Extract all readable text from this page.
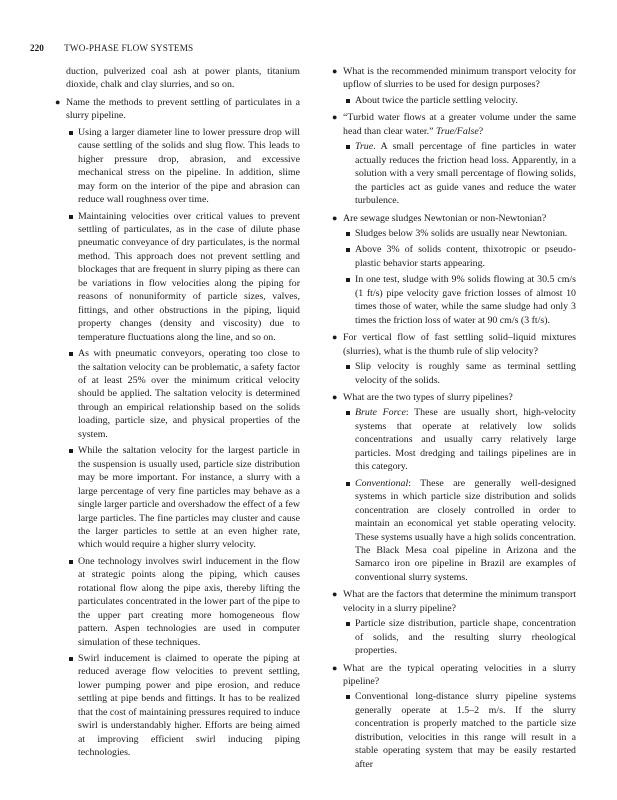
220 TWO-PHASE FLOW SYSTEMS
duction, pulverized coal ash at power plants, titanium dioxide, chalk and clay slurries, and so on.
● Name the methods to prevent settling of particulates in a slurry pipeline.
Using a larger diameter line to lower pressure drop will cause settling of the solids and slug flow. This leads to higher pressure drop, abrasion, and excessive mechanical stress on the pipeline. In addition, slime may form on the interior of the pipe and abrasion can reduce wall roughness over time.
Maintaining velocities over critical values to prevent settling of particulates, as in the case of dilute phase pneumatic conveyance of dry particulates, is the normal method. This approach does not prevent settling and blockages that are frequent in slurry piping as there can be variations in flow velocities along the piping for reasons of nonuniformity of particle sizes, valves, fittings, and other obstructions in the piping, liquid property changes (density and viscosity) due to temperature fluctuations along the line, and so on.
As with pneumatic conveyors, operating too close to the saltation velocity can be problematic, a safety factor of at least 25% over the minimum critical velocity should be applied. The saltation velocity is determined through an empirical relationship based on the solids loading, particle size, and physical properties of the system.
While the saltation velocity for the largest particle in the suspension is usually used, particle size distribution may be more important. For instance, a slurry with a large percentage of very fine particles may behave as a single larger particle and overshadow the effect of a few large particles. The fine particles may cluster and cause the larger particles to settle at an even higher rate, which would require a higher slurry velocity.
One technology involves swirl inducement in the flow at strategic points along the piping, which causes rotational flow along the pipe axis, thereby lifting the particulates concentrated in the lower part of the pipe to the upper part creating more homogeneous flow pattern. Aspen technologies are used in computer simulation of these techniques.
Swirl inducement is claimed to operate the piping at reduced average flow velocities to prevent settling, lower pumping power and pipe erosion, and reduce settling at pipe bends and fittings. It has to be realized that the cost of maintaining pressures required to induce swirl is understandably higher. Efforts are being aimed at improving efficient swirl inducing piping technologies.
● What is the recommended minimum transport velocity for upflow of slurries to be used for design purposes?
About twice the particle settling velocity.
● “Turbid water flows at a greater volume under the same head than clear water.” True/False?
True. A small percentage of fine particles in water actually reduces the friction head loss. Apparently, in a solution with a very small percentage of flowing solids, the particles act as guide vanes and reduce the water turbulence.
● Are sewage sludges Newtonian or non-Newtonian?
Sludges below 3% solids are usually near Newtonian.
Above 3% of solids content, thixotropic or pseudo-plastic behavior starts appearing.
In one test, sludge with 9% solids flowing at 30.5 cm/s (1 ft/s) pipe velocity gave friction losses of almost 10 times those of water, while the same sludge had only 3 times the friction loss of water at 90 cm/s (3 ft/s).
● For vertical flow of fast settling solid–liquid mixtures (slurries), what is the thumb rule of slip velocity?
Slip velocity is roughly same as terminal settling velocity of the solids.
● What are the two types of slurry pipelines?
Brute Force: These are usually short, high-velocity systems that operate at relatively low solids concentrations and usually carry relatively large particles. Most dredging and tailings pipelines are in this category.
Conventional: These are generally well-designed systems in which particle size distribution and solids concentration are closely controlled in order to maintain an economical yet stable operating velocity. These systems usually have a high solids concentration. The Black Mesa coal pipeline in Arizona and the Samarco iron ore pipeline in Brazil are examples of conventional slurry systems.
● What are the factors that determine the minimum transport velocity in a slurry pipeline?
Particle size distribution, particle shape, concentration of solids, and the resulting slurry rheological properties.
● What are the typical operating velocities in a slurry pipeline?
Conventional long-distance slurry pipeline systems generally operate at 1.5–2 m/s. If the slurry concentration is properly matched to the particle size distribution, velocities in this range will result in a stable operating system that may be easily restarted after
